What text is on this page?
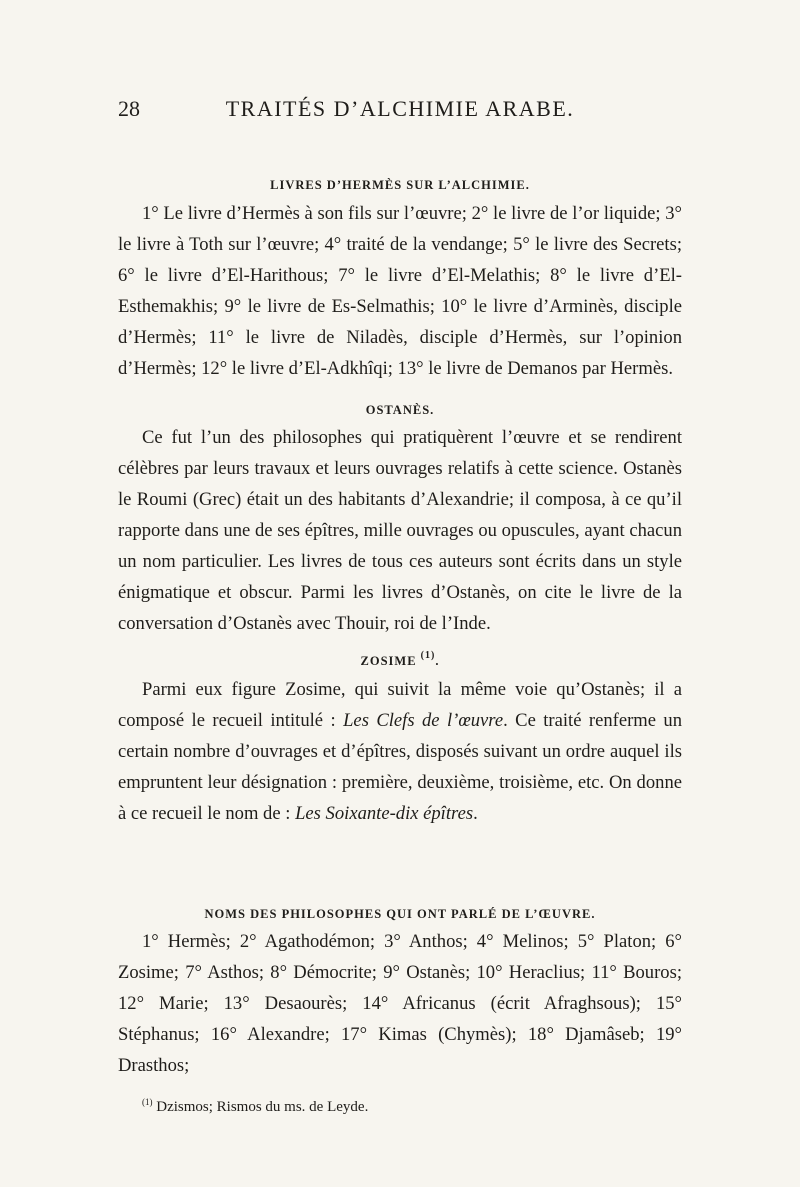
28	TRAITÉS D’ALCHIMIE ARABE.
LIVRES D’HERMÈS SUR L’ALCHIMIE.

1° Le livre d’Hermès à son fils sur l’œuvre; 2° le livre de l’or liquide; 3° le livre à Toth sur l’œuvre; 4° traité de la vendange; 5° le livre des Secrets; 6° le livre d’El-Harithous; 7° le livre d’El-Melathis; 8° le livre d’El-Esthemakhis; 9° le livre de Es-Selmathis; 10° le livre d’Arminès, disciple d’Hermès; 11° le livre de Niladès, disciple d’Hermès, sur l’opinion d’Hermès; 12° le livre d’El-Adkhîqi; 13° le livre de Demanos par Hermès.

OSTANÈS.

Ce fut l’un des philosophes qui pratiquèrent l’œuvre et se rendirent célèbres par leurs travaux et leurs ouvrages relatifs à cette science. Ostanès le Roumi (Grec) était un des habitants d’Alexandrie; il composa, à ce qu’il rapporte dans une de ses épîtres, mille ouvrages ou opuscules, ayant chacun un nom particulier. Les livres de tous ces auteurs sont écrits dans un style énigmatique et obscur. Parmi les livres d’Ostanès, on cite le livre de la conversation d’Ostanès avec Thouir, roi de l’Inde.

ZOSIME $^{(1)}$.

Parmi eux figure Zosime, qui suivit la même voie qu’Ostanès; il a composé le recueil intitulé : Les Clefs de l’œuvre. Ce traité renferme un certain nombre d’ouvrages et d’épîtres, disposés suivant un ordre auquel ils empruntent leur désignation : première, deuxième, troisième, etc. On donne à ce recueil le nom de : Les Soixante-dix épîtres.

NOMS DES PHILOSOPHES QUI ONT PARLÉ DE L’ŒUVRE.

1° Hermès; 2° Agathodémon; 3° Anthos; 4° Melinos; 5° Platon; 6° Zosime; 7° Asthos; 8° Démocrite; 9° Ostanès; 10° Heraclius; 11° Bouros; 12° Marie; 13° Desaourès; 14° Africanus (écrit Afraghsous); 15° Stéphanus; 16° Alexandre; 17° Kimas (Chymès); 18° Djamâseb; 19° Drasthos;

$^{(1)}$ Dzismos; Rismos du ms. de Leyde.
